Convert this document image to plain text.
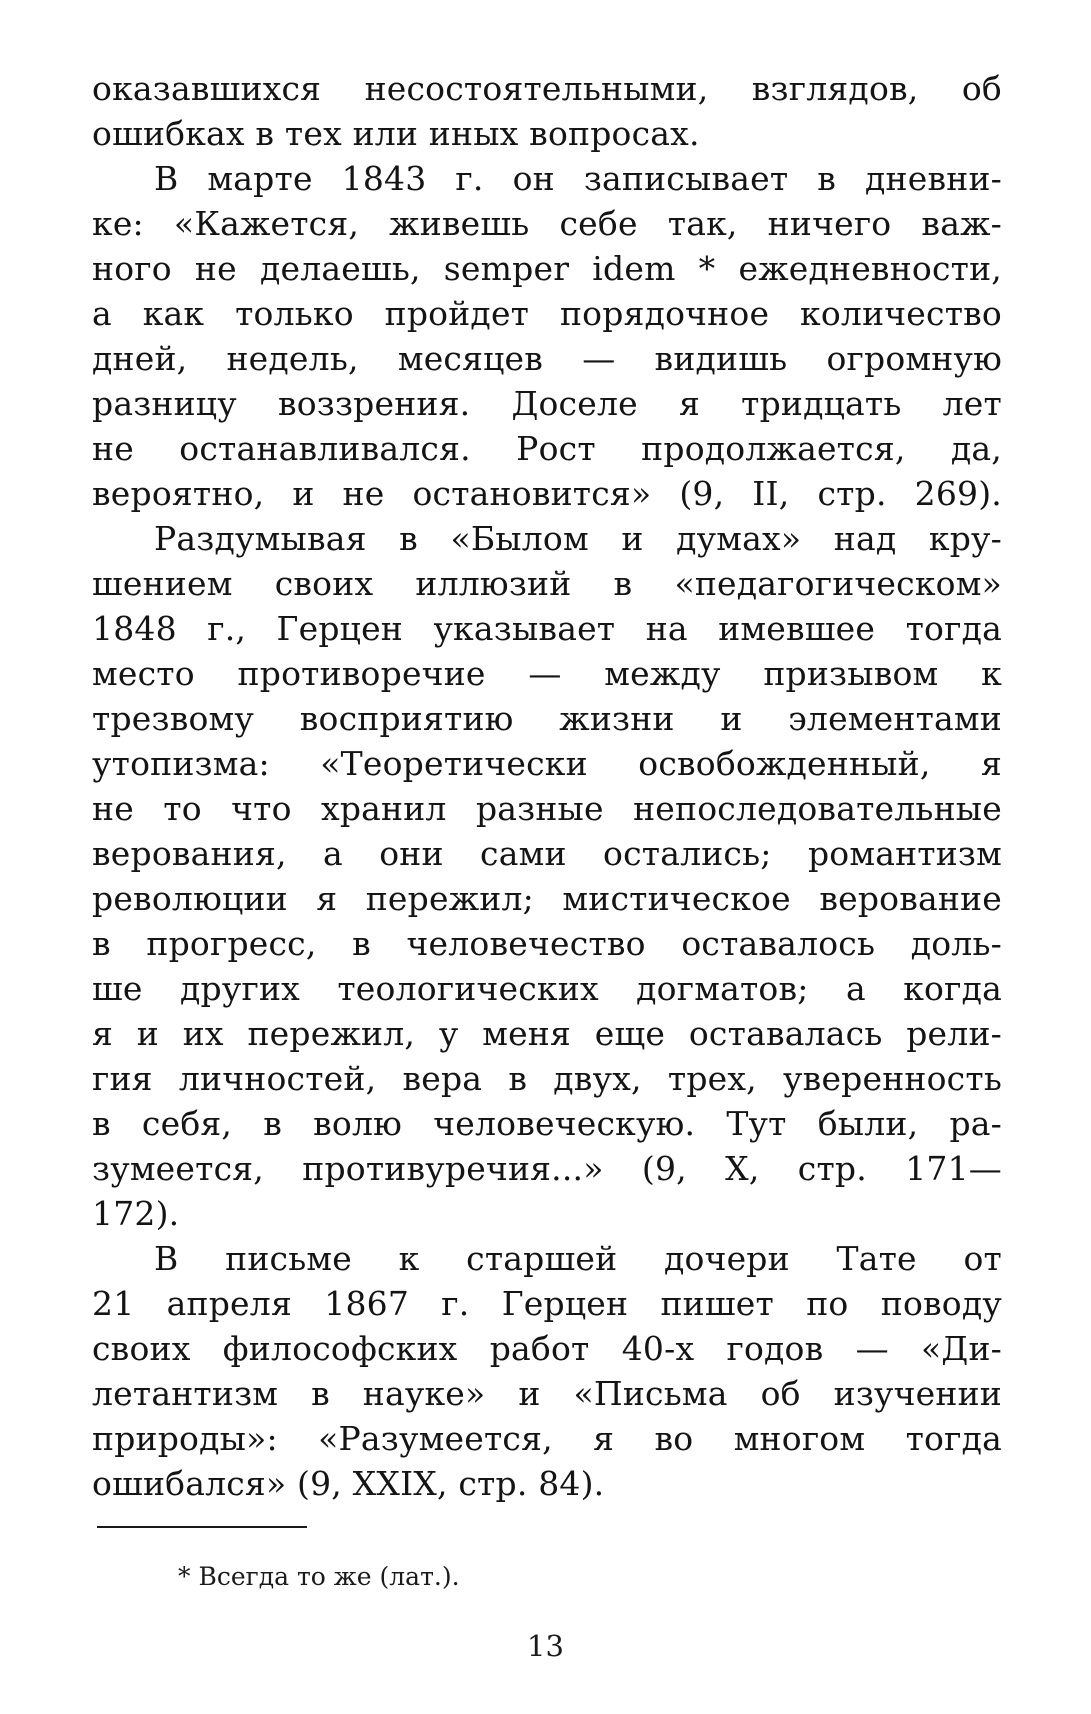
оказавшихся несостоятельными, взглядов, об
ошибках в тех или иных вопросах.
В марте 1843 г. он записывает в дневни-
ке: «Кажется, живешь себе так, ничего важ-
ного не делаешь, semper idem * ежедневности,
а как только пройдет порядочное количество
дней, недель, месяцев — видишь огромную
разницу воззрения. Доселе я тридцать лет
не останавливался. Рост продолжается, да,
вероятно, и не остановится» (9, II, стр. 269).
Раздумывая в «Былом и думах» над кру-
шением своих иллюзий в «педагогическом»
1848 г., Герцен указывает на имевшее тогда
место противоречие — между призывом к
трезвому восприятию жизни и элементами
утопизма: «Теоретически освобожденный, я
не то что хранил разные непоследовательные
верования, а они сами остались; романтизм
революции я пережил; мистическое верование
в прогресс, в человечество оставалось доль-
ше других теологических догматов; а когда
я и их пережил, у меня еще оставалась рели-
гия личностей, вера в двух, трех, уверенность
в себя, в волю человеческую. Тут были, ра-
зумеется, противуречия...» (9, X, стр. 171—
172).
В письме к старшей дочери Тате от
21 апреля 1867 г. Герцен пишет по поводу
своих философских работ 40-х годов — «Ди-
летантизм в науке» и «Письма об изучении
природы»: «Разумеется, я во многом тогда
ошибался» (9, XXIX, стр. 84).
* Всегда то же (лат.).
13
